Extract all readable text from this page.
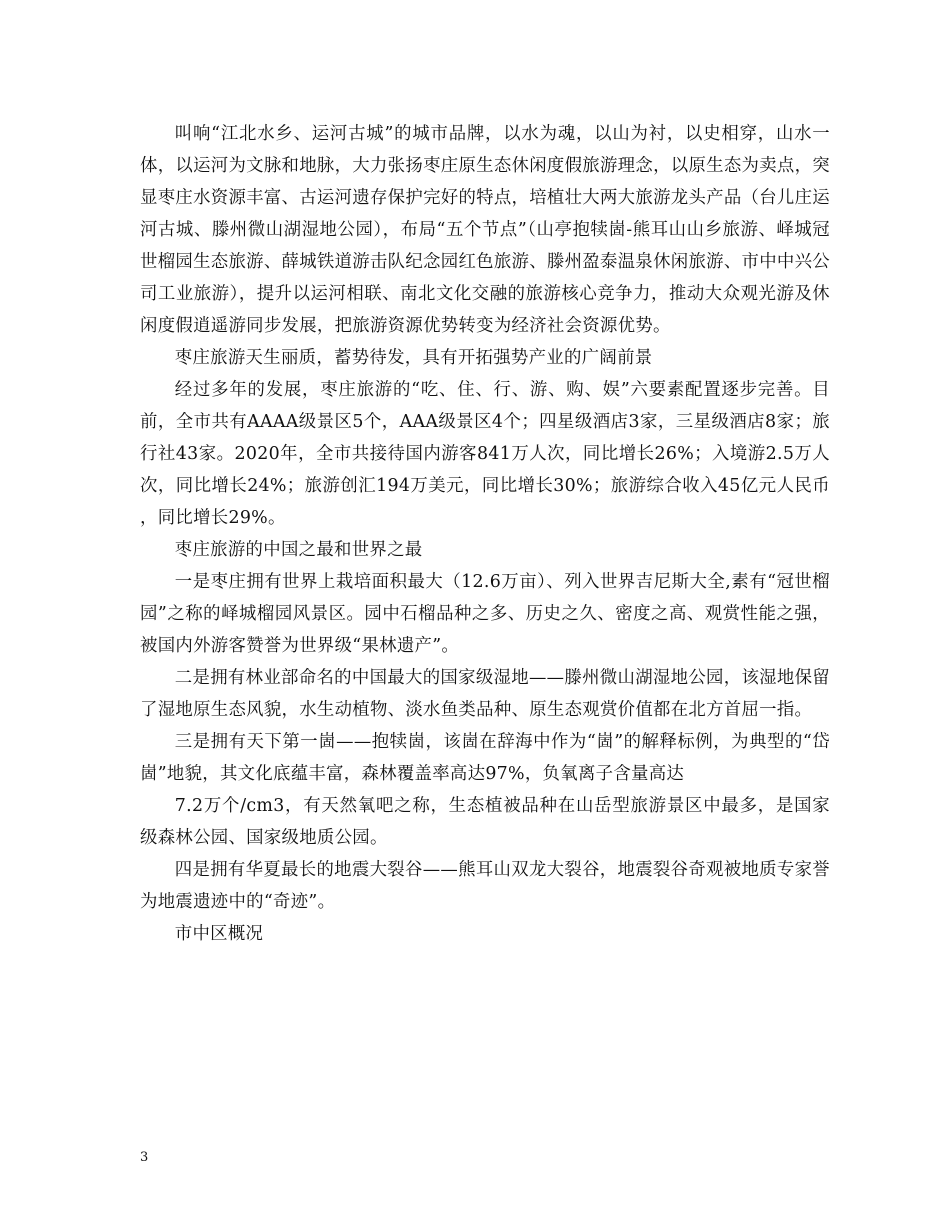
叫响“江北水乡、运河古城”的城市品牌，以水为魂，以山为衬，以史相穿，山水一体，以运河为文脉和地脉，大力张扬枣庄原生态休闲度假旅游理念，以原生态为卖点，突显枣庄水资源丰富、古运河遗存保护完好的特点，培植壮大两大旅游龙头产品（台儿庄运河古城、滕州微山湖湿地公园），布局“五个节点”（山亭抱犊崮-熊耳山山乡旅游、峄城冠世榴园生态旅游、薛城铁道游击队纪念园红色旅游、滕州盈泰温泉休闲旅游、市中中兴公司工业旅游），提升以运河相联、南北文化交融的旅游核心竞争力，推动大众观光游及休闲度假逍遥游同步发展，把旅游资源优势转变为经济社会资源优势。

枣庄旅游天生丽质，蓄势待发，具有开拓强势产业的广阔前景

经过多年的发展，枣庄旅游的“吃、住、行、游、购、娱”六要素配置逐步完善。目前，全市共有AAAA级景区5个，AAA级景区4个；四星级酒店3家，三星级酒店8家；旅行社43家。2020年，全市共接待国内游客841万人次，同比增长26%；入境游2.5万人次，同比增长24%；旅游创汇194万美元，同比增长30%；旅游综合收入45亿元人民币，同比增长29%。

枣庄旅游的中国之最和世界之最

一是枣庄拥有世界上栽培面积最大（12.6万亩）、列入世界吉尼斯大全,素有“冠世榴园”之称的峄城榴园风景区。园中石榴品种之多、历史之久、密度之高、观赏性能之强，被国内外游客赞誉为世界级“果林遗产”。

二是拥有林业部命名的中国最大的国家级湿地——滕州微山湖湿地公园，该湿地保留了湿地原生态风貌，水生动植物、淡水鱼类品种、原生态观赏价值都在北方首屈一指。

三是拥有天下第一崮——抱犊崮，该崮在辞海中作为“崮”的解释标例，为典型的“岱崮”地貌，其文化底蕴丰富，森林覆盖率高达97%，负氧离子含量高达

7.2万个/cm3，有天然氧吧之称，生态植被品种在山岳型旅游景区中最多，是国家级森林公园、国家级地质公园。

四是拥有华夏最长的地震大裂谷——熊耳山双龙大裂谷，地震裂谷奇观被地质专家誉为地震遗迹中的“奇迹”。

市中区概况

3
